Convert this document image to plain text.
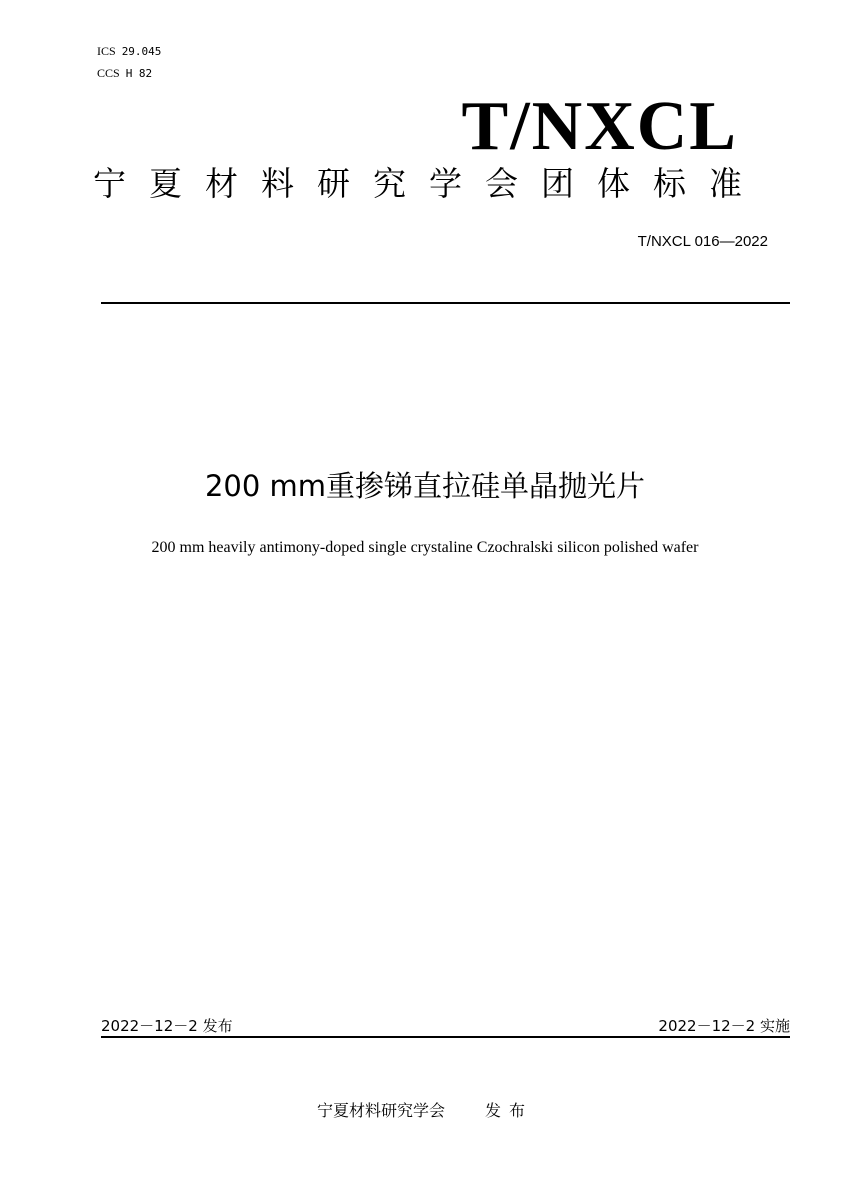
ICS 29.045
CCS H 82
T/NXCL
宁夏材料研究学会团体标准
T/NXCL 016—2022
200 mm重掺锑直拉硅单晶抛光片
200 mm heavily antimony-doped single crystaline Czochralski silicon polished wafer
2022－12－2 发布	2022－12－2 实施
宁夏材料研究学会	发布
